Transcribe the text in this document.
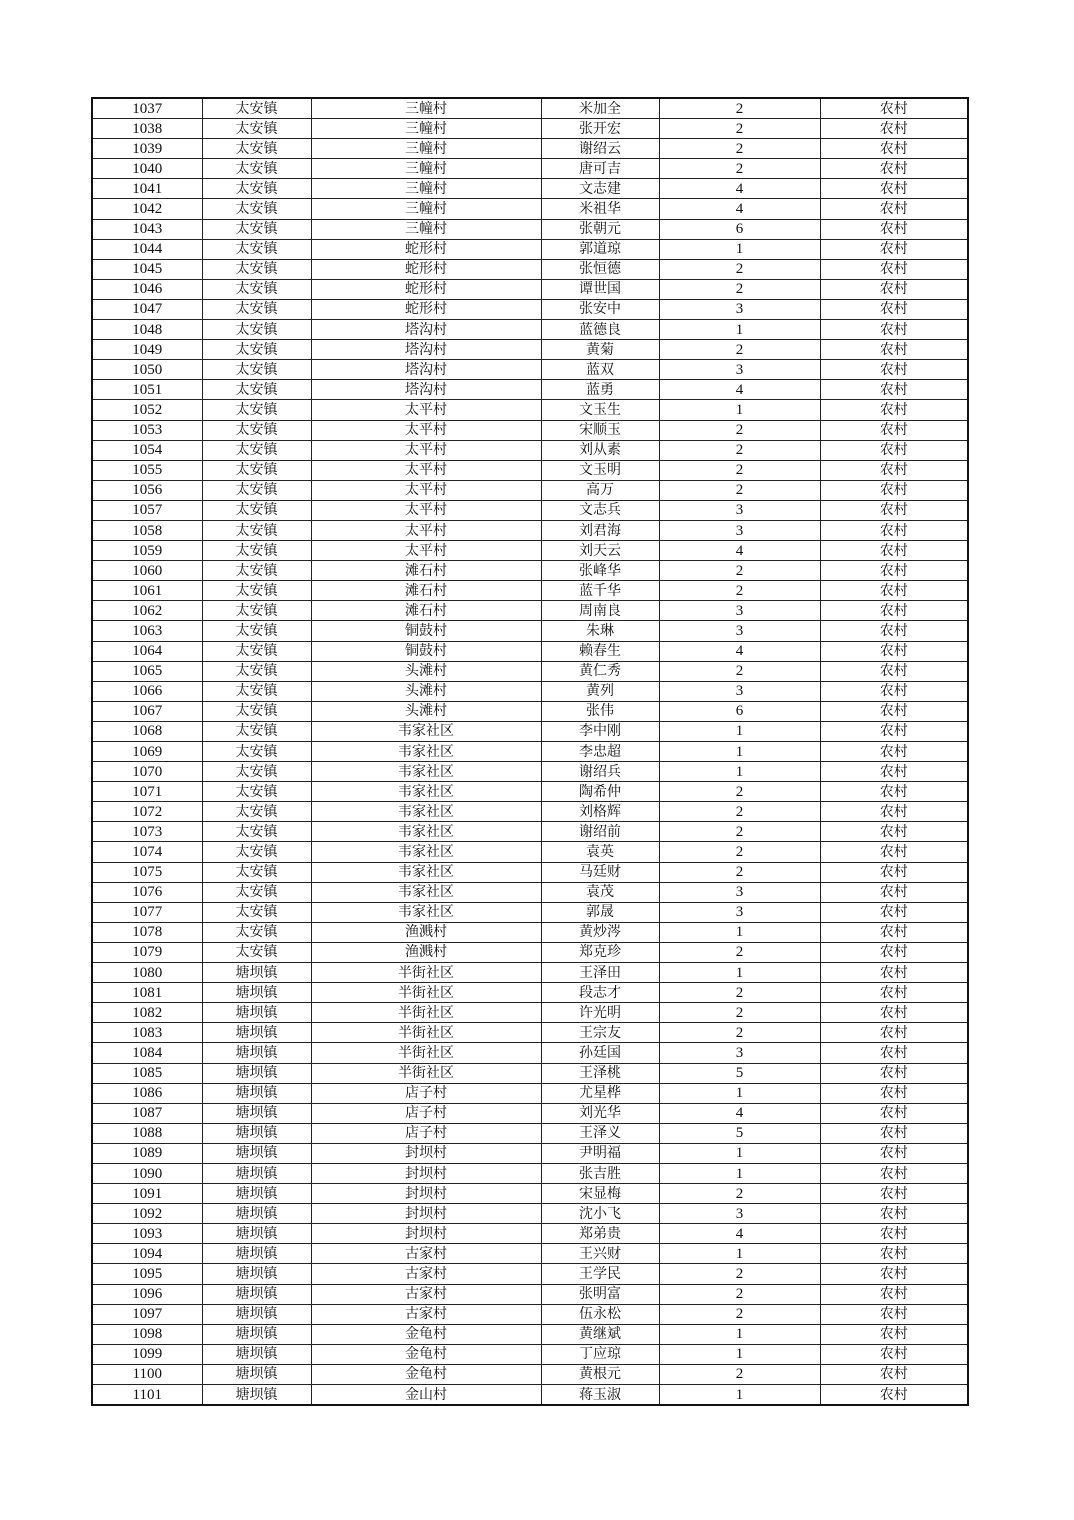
1037	太安镇	三幢村	米加全	2	农村
1038	太安镇	三幢村	张开宏	2	农村
1039	太安镇	三幢村	谢绍云	2	农村
1040	太安镇	三幢村	唐可吉	2	农村
1041	太安镇	三幢村	文志建	4	农村
1042	太安镇	三幢村	米祖华	4	农村
1043	太安镇	三幢村	张朝元	6	农村
1044	太安镇	蛇形村	郭道琼	1	农村
1045	太安镇	蛇形村	张恒德	2	农村
1046	太安镇	蛇形村	谭世国	2	农村
1047	太安镇	蛇形村	张安中	3	农村
1048	太安镇	塔沟村	蓝德良	1	农村
1049	太安镇	塔沟村	黄菊	2	农村
1050	太安镇	塔沟村	蓝双	3	农村
1051	太安镇	塔沟村	蓝勇	4	农村
1052	太安镇	太平村	文玉生	1	农村
1053	太安镇	太平村	宋顺玉	2	农村
1054	太安镇	太平村	刘从素	2	农村
1055	太安镇	太平村	文玉明	2	农村
1056	太安镇	太平村	高万	2	农村
1057	太安镇	太平村	文志兵	3	农村
1058	太安镇	太平村	刘君海	3	农村
1059	太安镇	太平村	刘天云	4	农村
1060	太安镇	滩石村	张峰华	2	农村
1061	太安镇	滩石村	蓝千华	2	农村
1062	太安镇	滩石村	周南良	3	农村
1063	太安镇	铜鼓村	朱琳	3	农村
1064	太安镇	铜鼓村	赖春生	4	农村
1065	太安镇	头滩村	黄仁秀	2	农村
1066	太安镇	头滩村	黄列	3	农村
1067	太安镇	头滩村	张伟	6	农村
1068	太安镇	韦家社区	李中刚	1	农村
1069	太安镇	韦家社区	李忠超	1	农村
1070	太安镇	韦家社区	谢绍兵	1	农村
1071	太安镇	韦家社区	陶希仲	2	农村
1072	太安镇	韦家社区	刘格辉	2	农村
1073	太安镇	韦家社区	谢绍前	2	农村
1074	太安镇	韦家社区	袁英	2	农村
1075	太安镇	韦家社区	马廷财	2	农村
1076	太安镇	韦家社区	袁茂	3	农村
1077	太安镇	韦家社区	郭晟	3	农村
1078	太安镇	渔溅村	黄炒涔	1	农村
1079	太安镇	渔溅村	郑克珍	2	农村
1080	塘坝镇	半街社区	王泽田	1	农村
1081	塘坝镇	半街社区	段志才	2	农村
1082	塘坝镇	半街社区	许光明	2	农村
1083	塘坝镇	半街社区	王宗友	2	农村
1084	塘坝镇	半街社区	孙廷国	3	农村
1085	塘坝镇	半街社区	王泽桃	5	农村
1086	塘坝镇	店子村	尤星桦	1	农村
1087	塘坝镇	店子村	刘光华	4	农村
1088	塘坝镇	店子村	王泽义	5	农村
1089	塘坝镇	封坝村	尹明福	1	农村
1090	塘坝镇	封坝村	张吉胜	1	农村
1091	塘坝镇	封坝村	宋显梅	2	农村
1092	塘坝镇	封坝村	沈小飞	3	农村
1093	塘坝镇	封坝村	郑弟贵	4	农村
1094	塘坝镇	古家村	王兴财	1	农村
1095	塘坝镇	古家村	王学民	2	农村
1096	塘坝镇	古家村	张明富	2	农村
1097	塘坝镇	古家村	伍永松	2	农村
1098	塘坝镇	金龟村	黄继斌	1	农村
1099	塘坝镇	金龟村	丁应琼	1	农村
1100	塘坝镇	金龟村	黄根元	2	农村
1101	塘坝镇	金山村	蒋玉淑	1	农村
